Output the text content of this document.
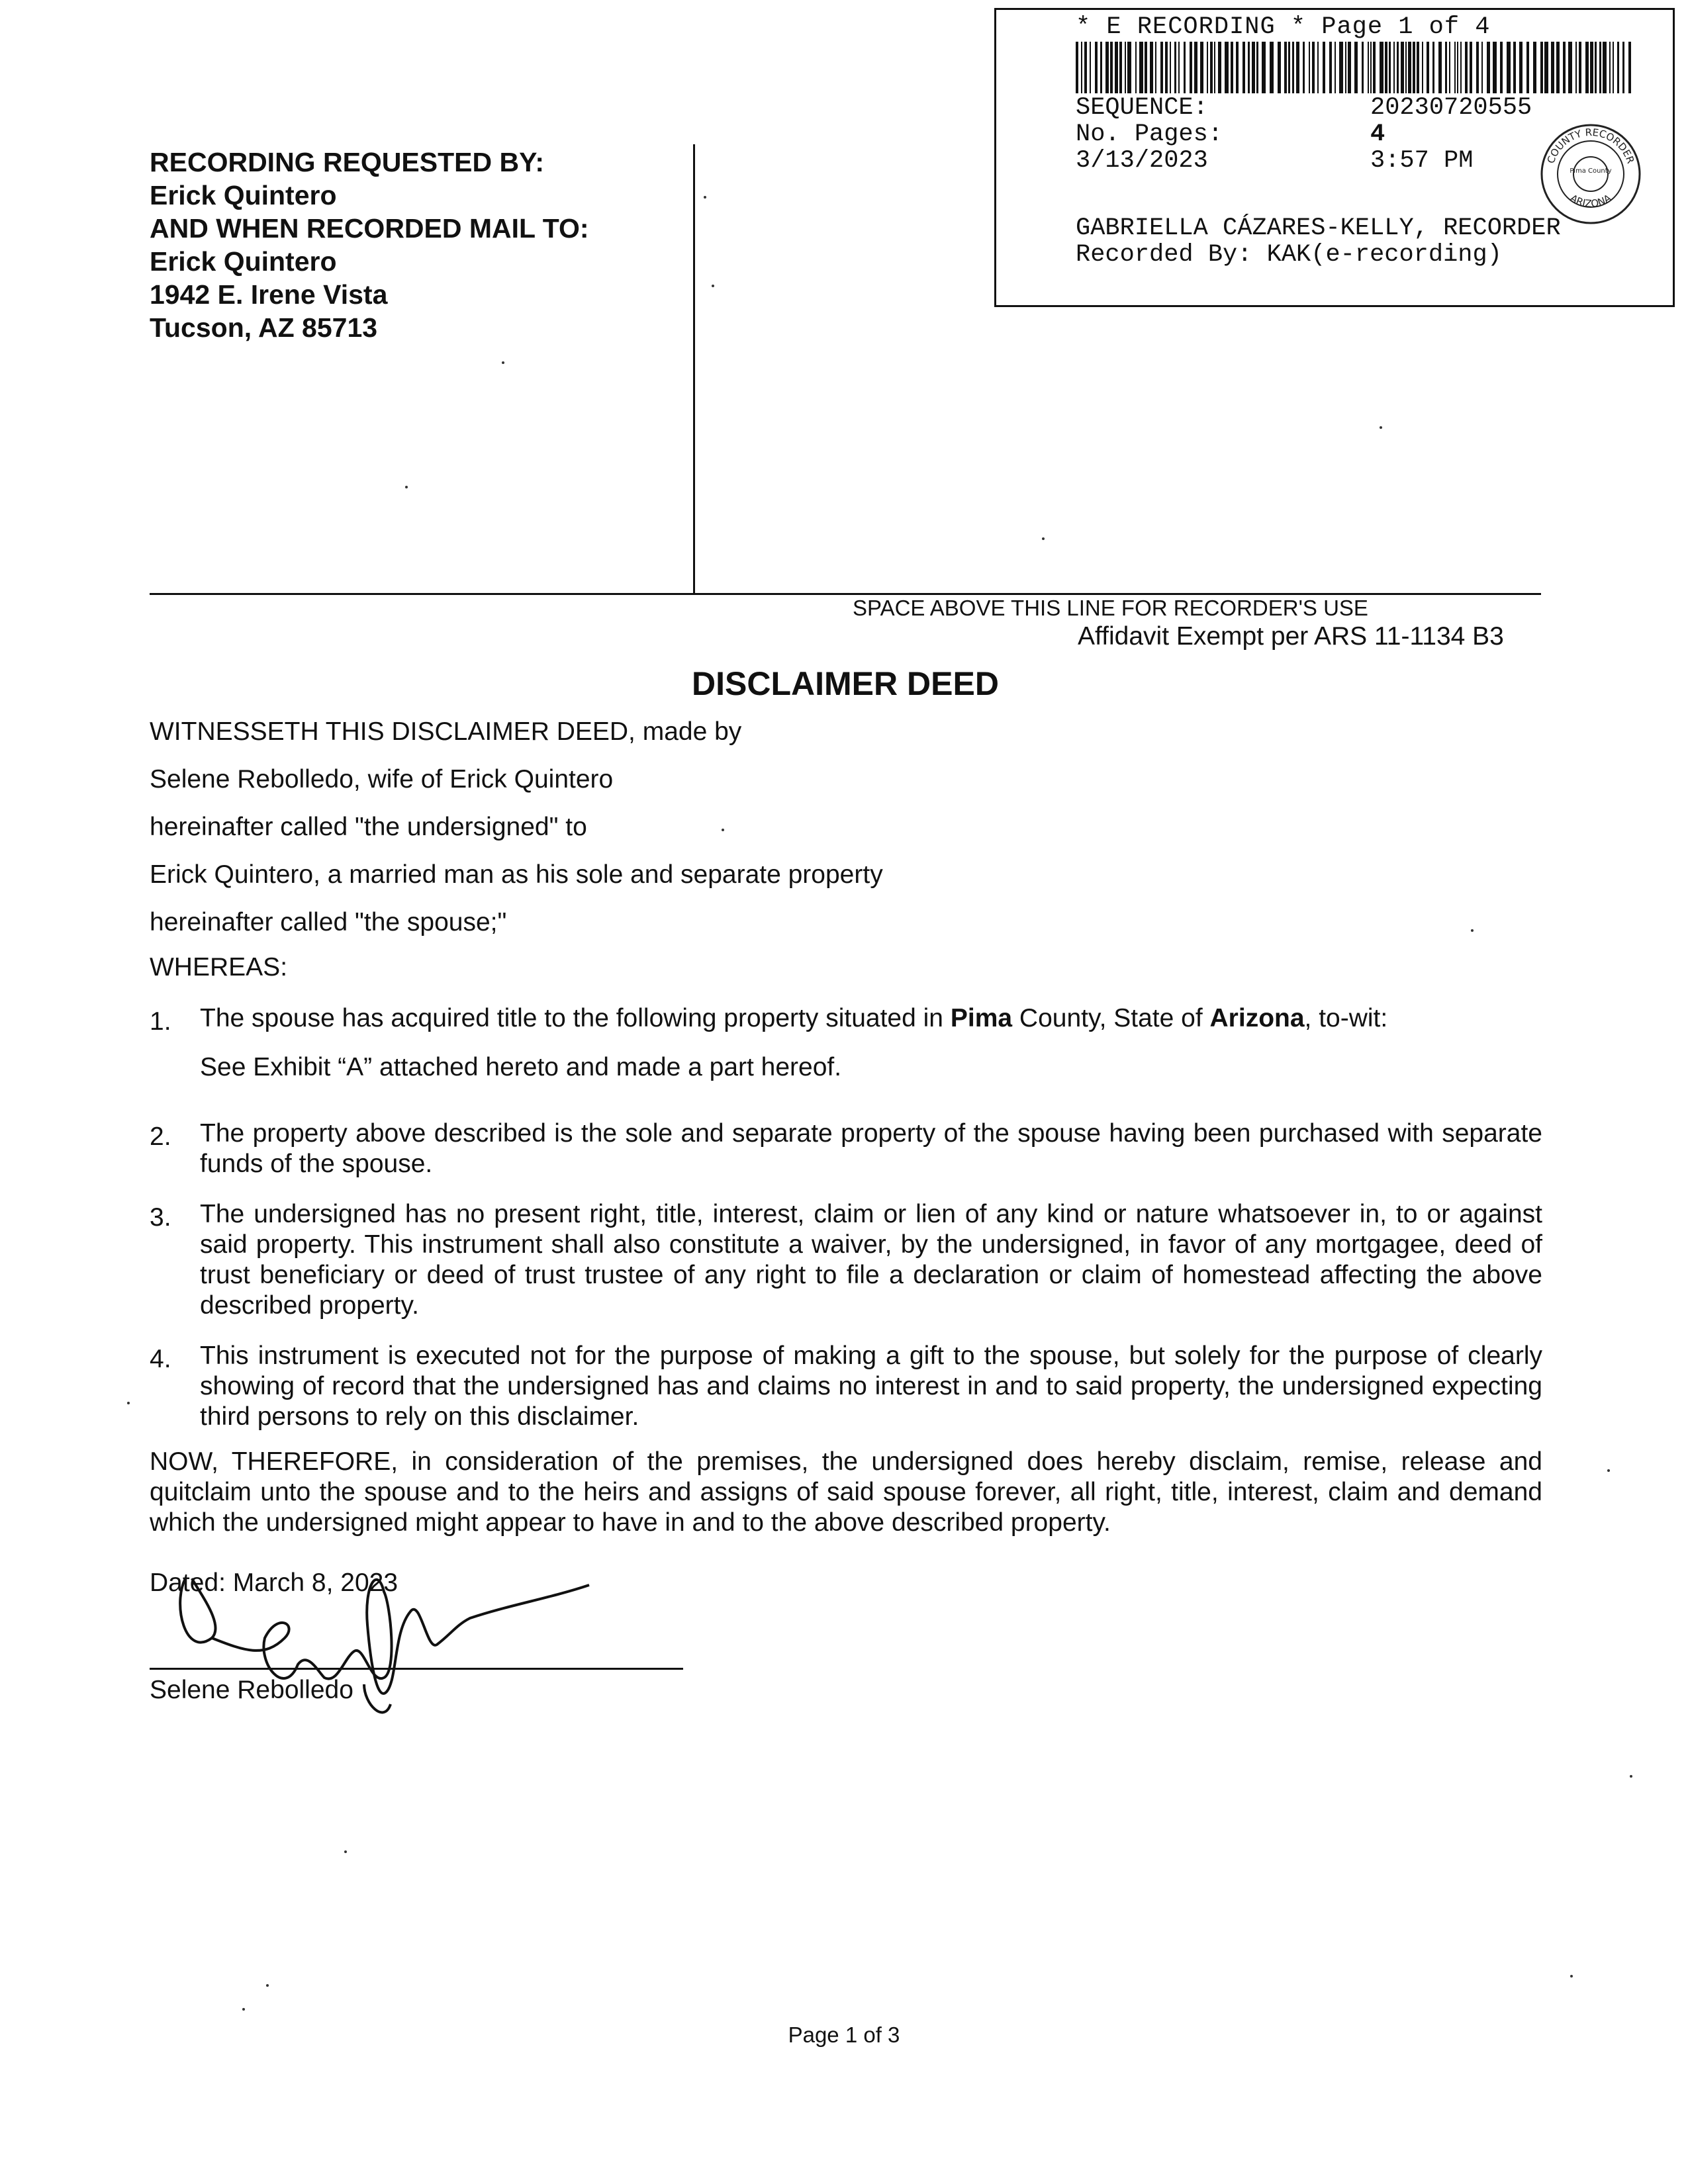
* E RECORDING * Page 1 of 4
SEQUENCE:	20230720555
No. Pages:	4
3/13/2023	3:57 PM	COUNTY RECORDER
Pima County
ARIZONA
GABRIELLA CÁZARES-KELLY, RECORDER
Recorded By: KAK(e-recording)
RECORDING REQUESTED BY:
Erick Quintero
AND WHEN RECORDED MAIL TO:
Erick Quintero
1942 E. Irene Vista
Tucson, AZ 85713
SPACE ABOVE THIS LINE FOR RECORDER'S USE
Affidavit Exempt per ARS 11-1134 B3
DISCLAIMER DEED
WITNESSETH THIS DISCLAIMER DEED, made by
Selene Rebolledo, wife of Erick Quintero
hereinafter called "the undersigned" to
Erick Quintero, a married man as his sole and separate property
hereinafter called "the spouse;"
WHEREAS:
1. The spouse has acquired title to the following property situated in Pima County, State of Arizona, to-wit:
See Exhibit “A” attached hereto and made a part hereof.
2. The property above described is the sole and separate property of the spouse having been purchased with separate funds of the spouse.
3. The undersigned has no present right, title, interest, claim or lien of any kind or nature whatsoever in, to or against said property. This instrument shall also constitute a waiver, by the undersigned, in favor of any mortgagee, deed of trust beneficiary or deed of trust trustee of any right to file a declaration or claim of homestead affecting the above described property.
4. This instrument is executed not for the purpose of making a gift to the spouse, but solely for the purpose of clearly showing of record that the undersigned has and claims no interest in and to said property, the undersigned expecting third persons to rely on this disclaimer.
NOW, THEREFORE, in consideration of the premises, the undersigned does hereby disclaim, remise, release and quitclaim unto the spouse and to the heirs and assigns of said spouse forever, all right, title, interest, claim and demand which the undersigned might appear to have in and to the above described property.
Dated: March 8, 2023
Selene Rebolledo
Page 1 of 3
